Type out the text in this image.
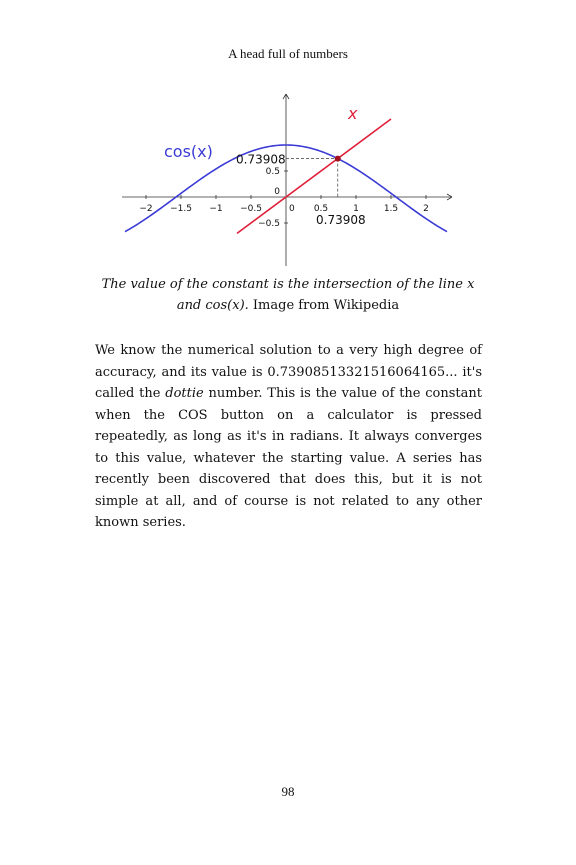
A head full of numbers
−2 −1.5 −1 −0.5	0 0.5	1	1.5	2
0.5
0
−0.5
cos(x)
x
0.73908
0.73908
The value of the constant is the intersection of the line x and cos(x). Image from Wikipedia
We know the numerical solution to a very high degree of accuracy, and its value is 0.73908513321516064165... it's called the dottie number. This is the value of the constant when the COS button on a calculator is pressed repeatedly, as long as it's in radians. It always converges to this value, whatever the starting value. A series has recently been discovered that does this, but it is not simple at all, and of course is not related to any other known series.
98
